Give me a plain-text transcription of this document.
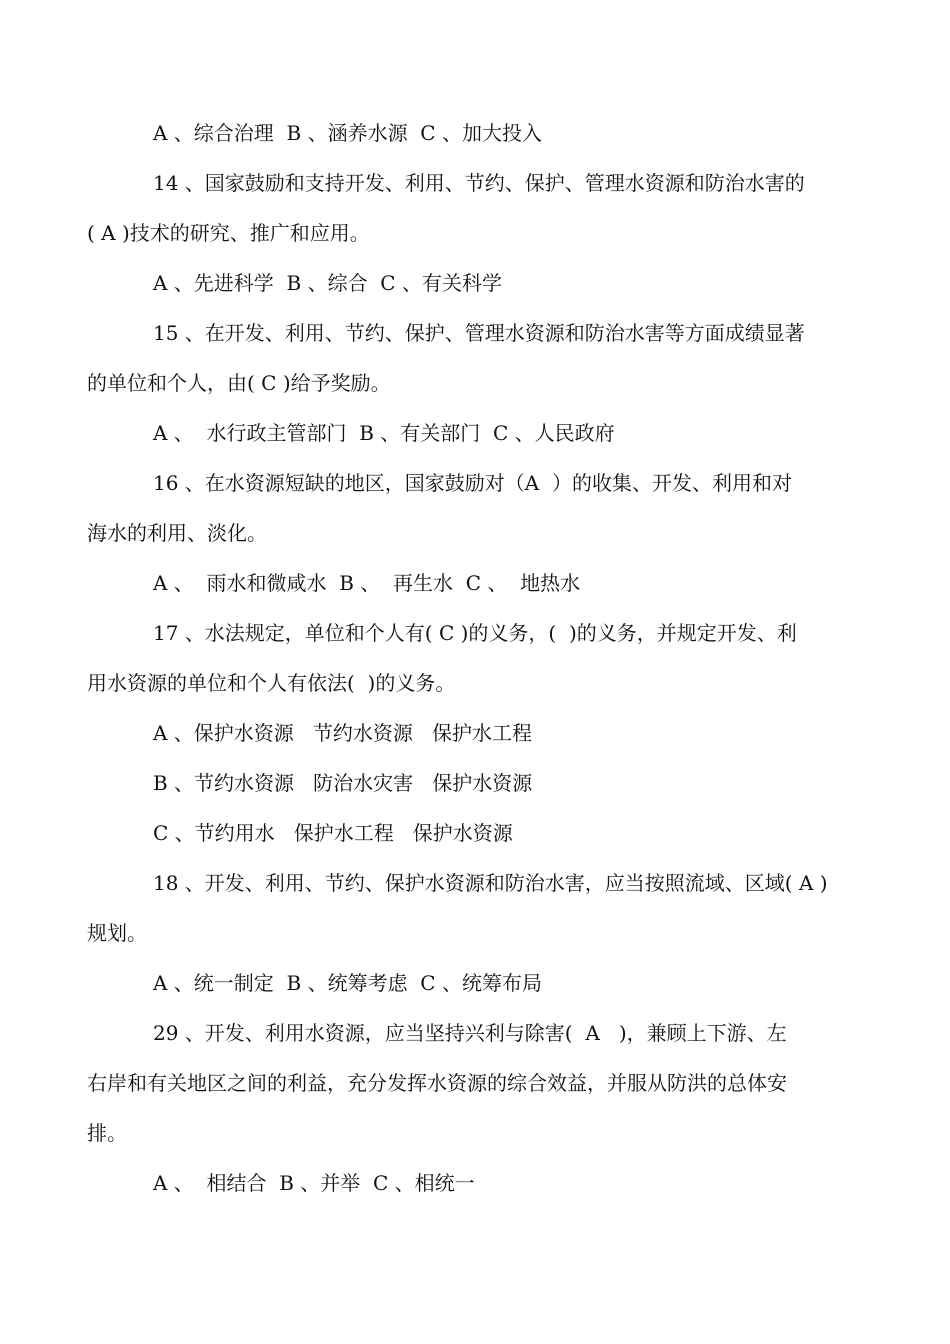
A 、综合治理  B 、涵养水源  C 、加大投入
14 、国家鼓励和支持开发、利用、节约、保护、管理水资源和防治水害的
( A )技术的研究、推广和应用。
A 、先进科学  B 、综合  C 、有关科学
15 、在开发、利用、节约、保护、管理水资源和防治水害等方面成绩显著
的单位和个人，由( C )给予奖励。
A 、  水行政主管部门  B 、有关部门  C 、人民政府
16 、在水资源短缺的地区，国家鼓励对（A  ）的收集、开发、利用和对
海水的利用、淡化。
A 、  雨水和微咸水  B 、  再生水  C 、  地热水
17 、水法规定，单位和个人有( C )的义务，(  )的义务，并规定开发、利
用水资源的单位和个人有依法(  )的义务。
A 、保护水资源   节约水资源   保护水工程
B 、节约水资源   防治水灾害   保护水资源
C 、节约用水   保护水工程   保护水资源
18 、开发、利用、节约、保护水资源和防治水害，应当按照流域、区域( A )
规划。
A 、统一制定  B 、统筹考虑  C 、统筹布局
29 、开发、利用水资源，应当坚持兴利与除害(  A   )，兼顾上下游、左
右岸和有关地区之间的利益，充分发挥水资源的综合效益，并服从防洪的总体安
排。
A 、  相结合  B 、并举  C 、相统一
